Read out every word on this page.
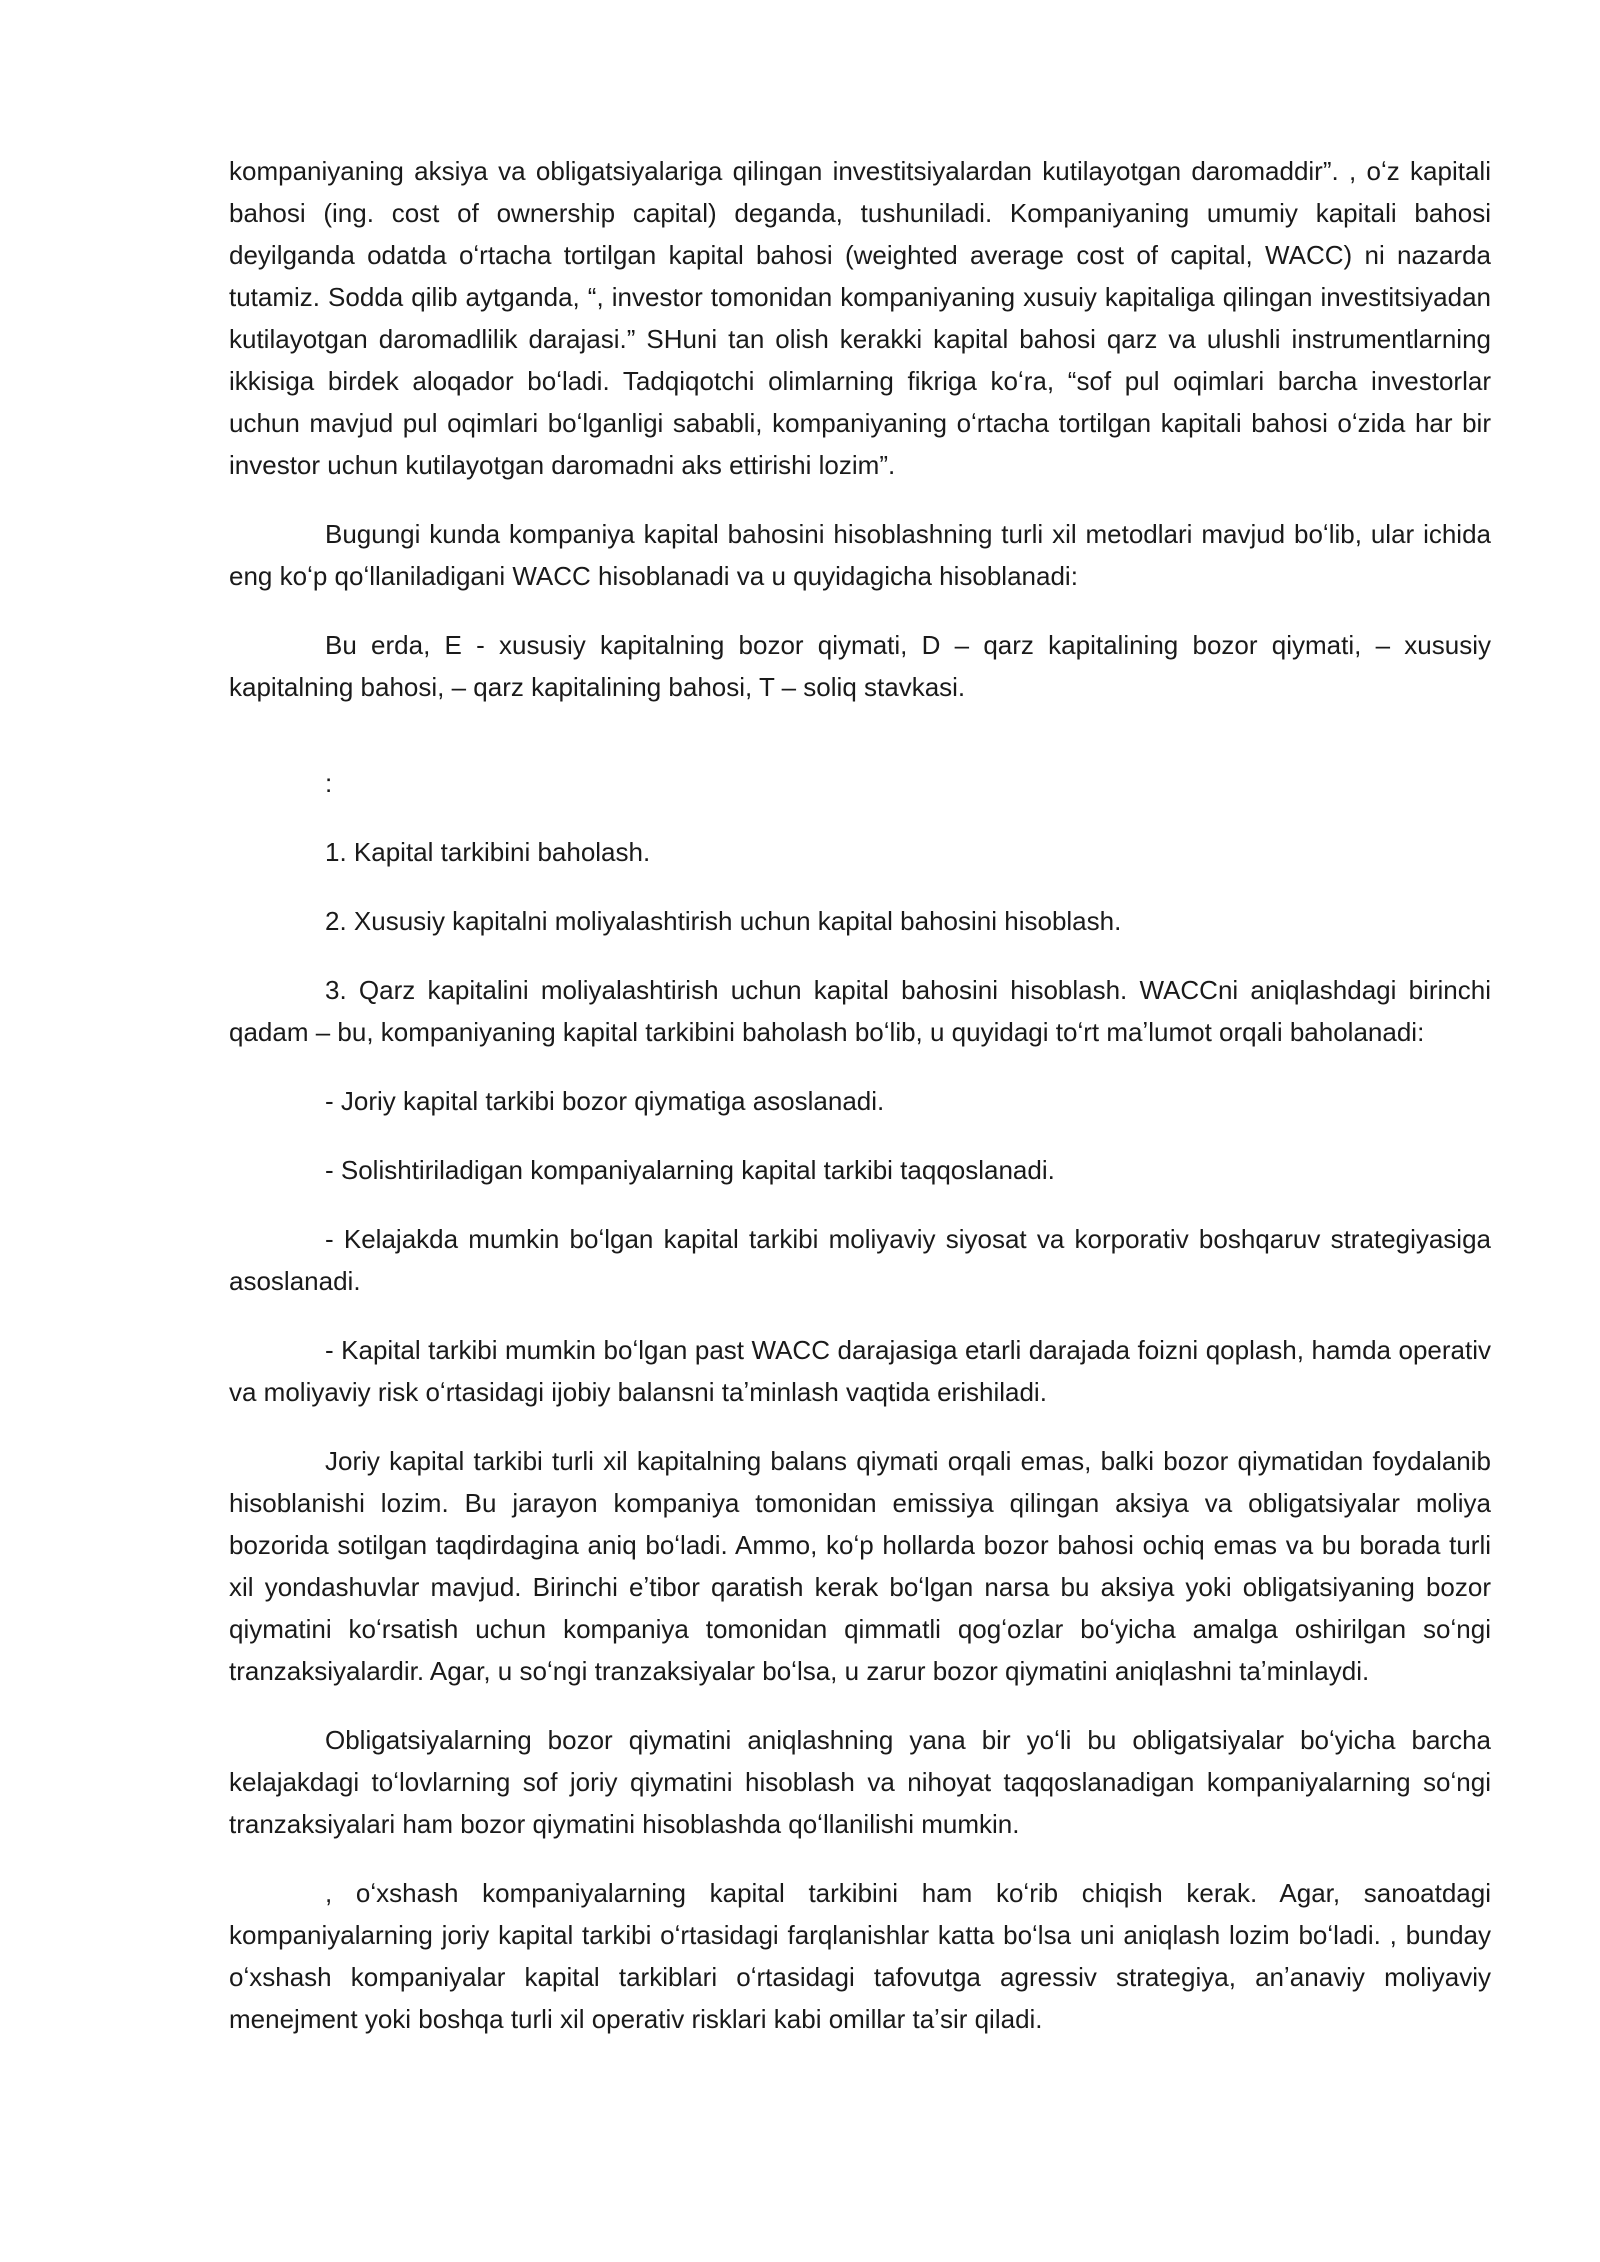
kompaniyaning aksiya va obligatsiyalariga qilingan investitsiyalardan kutilayotgan daromaddir”. , oʻz kapitali bahosi (ing. cost of ownership capital) deganda, tushuniladi. Kompaniyaning umumiy kapitali bahosi deyilganda odatda oʻrtacha tortilgan kapital bahosi (weighted average cost of capital, WACC) ni nazarda tutamiz. Sodda qilib aytganda, “, investor tomonidan kompaniyaning xusuiy kapitaliga qilingan investitsiyadan kutilayotgan daromadlilik darajasi.” SHuni tan olish kerakki kapital bahosi qarz va ulushli instrumentlarning ikkisiga birdek aloqador boʻladi. Tadqiqotchi olimlarning fikriga koʻra, “sof pul oqimlari barcha investorlar uchun mavjud pul oqimlari boʻlganligi sababli, kompaniyaning oʻrtacha tortilgan kapitali bahosi oʻzida har bir investor uchun kutilayotgan daromadni aks ettirishi lozim”.

Bugungi kunda kompaniya kapital bahosini hisoblashning turli xil metodlari mavjud boʻlib, ular ichida eng koʻp qoʻllaniladigani WACC hisoblanadi va u quyidagicha hisoblanadi:

Bu erda, E - xususiy kapitalning bozor qiymati, D – qarz kapitalining bozor qiymati, – xususiy kapitalning bahosi, – qarz kapitalining bahosi, T – soliq stavkasi.

:

1. Kapital tarkibini baholash.

2. Xususiy kapitalni moliyalashtirish uchun kapital bahosini hisoblash.

3. Qarz kapitalini moliyalashtirish uchun kapital bahosini hisoblash. WACCni aniqlashdagi birinchi qadam – bu, kompaniyaning kapital tarkibini baholash boʻlib, u quyidagi toʻrt maʼlumot orqali baholanadi:

- Joriy kapital tarkibi bozor qiymatiga asoslanadi.

- Solishtiriladigan kompaniyalarning kapital tarkibi taqqoslanadi.

- Kelajakda mumkin boʻlgan kapital tarkibi moliyaviy siyosat va korporativ boshqaruv strategiyasiga asoslanadi.

- Kapital tarkibi mumkin boʻlgan past WACC darajasiga etarli darajada foizni qoplash, hamda operativ va moliyaviy risk oʻrtasidagi ijobiy balansni taʼminlash vaqtida erishiladi.

Joriy kapital tarkibi turli xil kapitalning balans qiymati orqali emas, balki bozor qiymatidan foydalanib hisoblanishi lozim. Bu jarayon kompaniya tomonidan emissiya qilingan aksiya va obligatsiyalar moliya bozorida sotilgan taqdirdagina aniq boʻladi. Ammo, koʻp hollarda bozor bahosi ochiq emas va bu borada turli xil yondashuvlar mavjud. Birinchi eʼtibor qaratish kerak boʻlgan narsa bu aksiya yoki obligatsiyaning bozor qiymatini koʻrsatish uchun kompaniya tomonidan qimmatli qogʻozlar boʻyicha amalga oshirilgan soʻngi tranzaksiyalardir. Agar, u soʻngi tranzaksiyalar boʻlsa, u zarur bozor qiymatini aniqlashni taʼminlaydi.

Obligatsiyalarning bozor qiymatini aniqlashning yana bir yoʻli bu obligatsiyalar boʻyicha barcha kelajakdagi toʻlovlarning sof joriy qiymatini hisoblash va nihoyat taqqoslanadigan kompaniyalarning soʻngi tranzaksiyalari ham bozor qiymatini hisoblashda qoʻllanilishi mumkin.

, oʻxshash kompaniyalarning kapital tarkibini ham koʻrib chiqish kerak. Agar, sanoatdagi kompaniyalarning joriy kapital tarkibi oʻrtasidagi farqlanishlar katta boʻlsa uni aniqlash lozim boʻladi. , bunday oʻxshash kompaniyalar kapital tarkiblari oʻrtasidagi tafovutga agressiv strategiya, anʼanaviy moliyaviy menejment yoki boshqa turli xil operativ risklari kabi omillar taʼsir qiladi.
